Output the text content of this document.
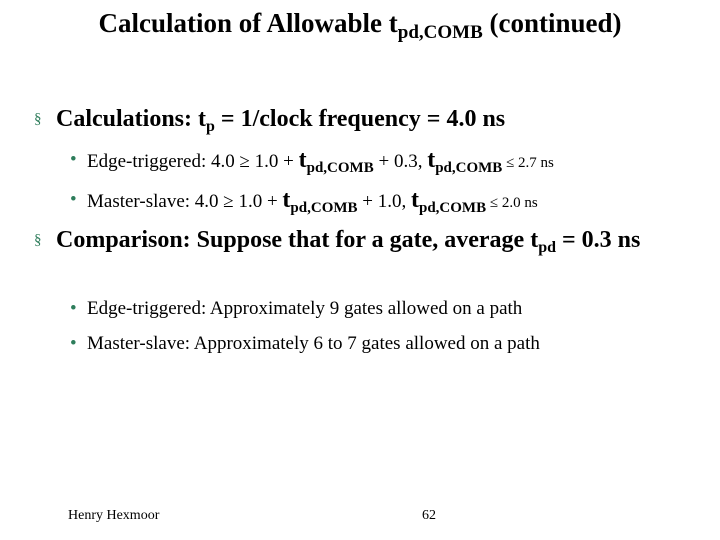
Calculation of Allowable $t_{pd,COMB}$ (continued)
§ Calculations: $t_p$ = 1/clock frequency = 4.0 ns
• Edge-triggered: $4.0 \ge 1.0 + t_{pd,COMB} + 0.3$, $t_{pd,COMB} \le 2.7$ ns
• Master-slave: $4.0 \ge 1.0 + t_{pd,COMB} + 1.0$, $t_{pd,COMB} \le 2.0$ ns
§ Comparison: Suppose that for a gate, average $t_{pd} = 0.3$ ns
• Edge-triggered: Approximately 9 gates allowed on a path
• Master-slave: Approximately 6 to 7 gates allowed on a path
Henry Hexmoor	62
